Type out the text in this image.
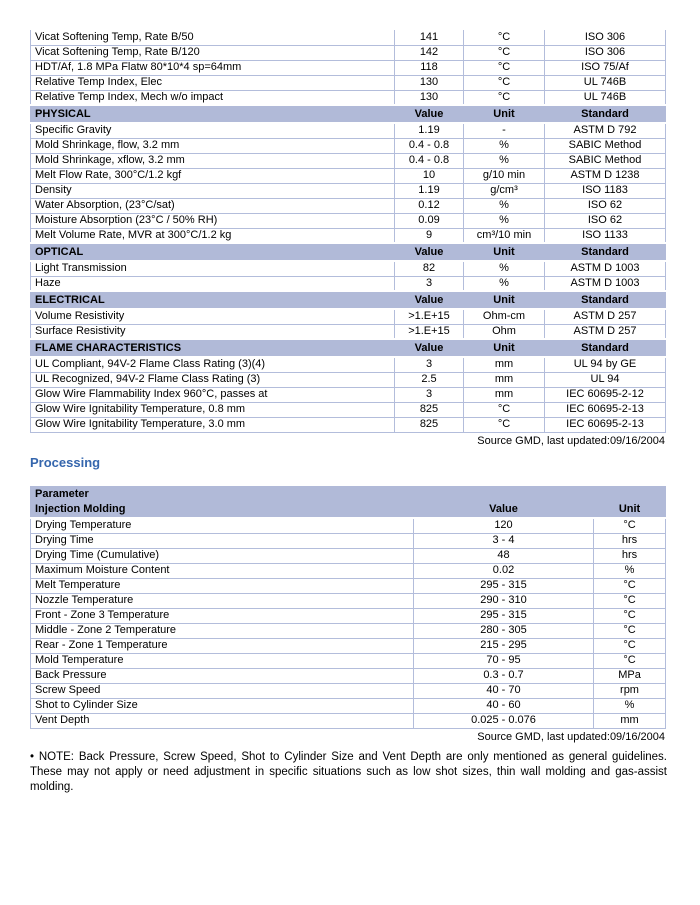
Vicat Softening Temp, Rate B/50	141	°C	ISO 306
Vicat Softening Temp, Rate B/120	142	°C	ISO 306
HDT/Af, 1.8 MPa Flatw 80*10*4 sp=64mm	118	°C	ISO 75/Af
Relative Temp Index, Elec	130	°C	UL 746B
Relative Temp Index, Mech w/o impact	130	°C	UL 746B
PHYSICAL	Value	Unit	Standard
Specific Gravity	1.19	-	ASTM D 792
Mold Shrinkage, flow, 3.2 mm	0.4 - 0.8	%	SABIC Method
Mold Shrinkage, xflow, 3.2 mm	0.4 - 0.8	%	SABIC Method
Melt Flow Rate, 300°C/1.2 kgf	10	g/10 min	ASTM D 1238
Density	1.19	g/cm³	ISO 1183
Water Absorption, (23°C/sat)	0.12	%	ISO 62
Moisture Absorption (23°C / 50% RH)	0.09	%	ISO 62
Melt Volume Rate, MVR at 300°C/1.2 kg	9	cm³/10 min	ISO 1133
OPTICAL	Value	Unit	Standard
Light Transmission	82	%	ASTM D 1003
Haze	3	%	ASTM D 1003
ELECTRICAL	Value	Unit	Standard
Volume Resistivity	>1.E+15	Ohm-cm	ASTM D 257
Surface Resistivity	>1.E+15	Ohm	ASTM D 257
FLAME CHARACTERISTICS	Value	Unit	Standard
UL Compliant, 94V-2 Flame Class Rating (3)(4)	3	mm	UL 94 by GE
UL Recognized, 94V-2 Flame Class Rating (3)	2.5	mm	UL 94
Glow Wire Flammability Index 960°C, passes at	3	mm	IEC 60695-2-12
Glow Wire Ignitability Temperature, 0.8 mm	825	°C	IEC 60695-2-13
Glow Wire Ignitability Temperature, 3.0 mm	825	°C	IEC 60695-2-13
Source GMD, last updated:09/16/2004
Processing
Parameter		
Injection Molding	Value	Unit
Drying Temperature	120	°C
Drying Time	3 - 4	hrs
Drying Time (Cumulative)	48	hrs
Maximum Moisture Content	0.02	%
Melt Temperature	295 - 315	°C
Nozzle Temperature	290 - 310	°C
Front - Zone 3 Temperature	295 - 315	°C
Middle - Zone 2 Temperature	280 - 305	°C
Rear - Zone 1 Temperature	215 - 295	°C
Mold Temperature	70 - 95	°C
Back Pressure	0.3 - 0.7	MPa
Screw Speed	40 - 70	rpm
Shot to Cylinder Size	40 - 60	%
Vent Depth	0.025 - 0.076	mm
Source GMD, last updated:09/16/2004

• NOTE: Back Pressure, Screw Speed, Shot to Cylinder Size and Vent Depth are only mentioned as general guidelines. These may not apply or need adjustment in specific situations such as low shot sizes, thin wall molding and gas-assist molding.
